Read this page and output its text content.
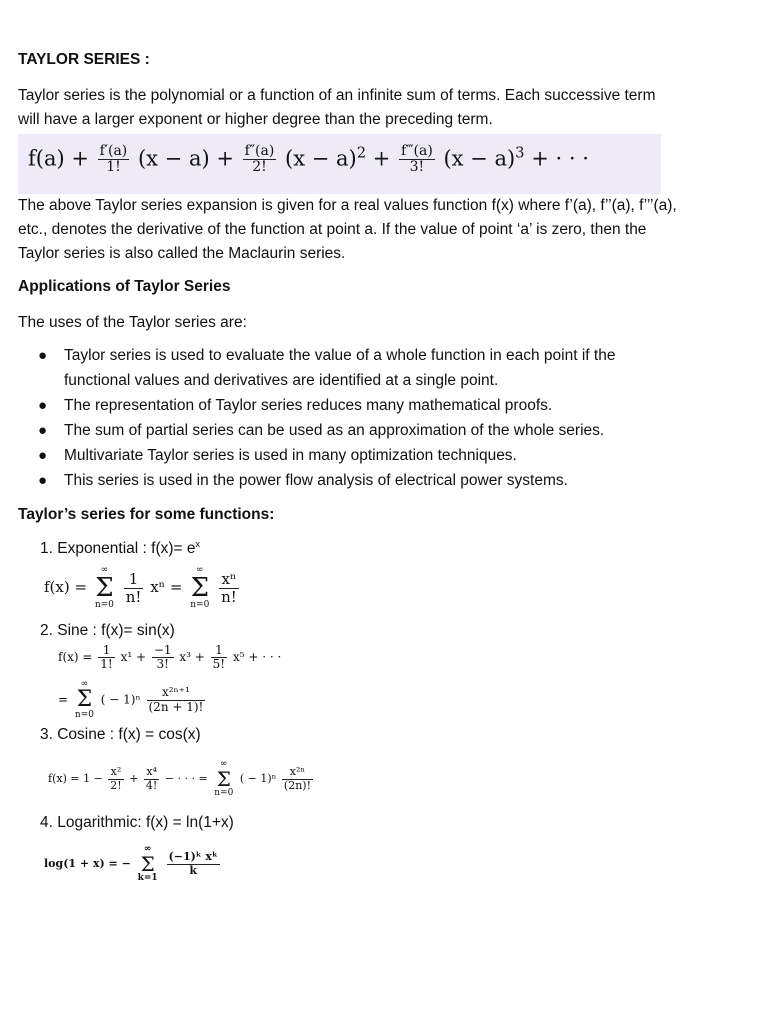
TAYLOR SERIES :
Taylor series is the polynomial or a function of an infinite sum of terms. Each successive term
will have a larger exponent or higher degree than the preceding term.
$f(a) + \frac{f'(a)}{1!} (x - a) + \frac{f''(a)}{2!} (x - a)^2 + \frac{f‴(a)}{3!} (x - a)^3$ + · · ·
The above Taylor series expansion is given for a real values function f(x) where f’(a), f’’(a), f’’’(a),
etc., denotes the derivative of the function at point a. If the value of point ‘a’ is zero, then the
Taylor series is also called the Maclaurin series.
Applications of Taylor Series
The uses of the Taylor series are:
●	Taylor series is used to evaluate the value of a whole function in each point if the
functional values and derivatives are identified at a single point.
●	The representation of Taylor series reduces many mathematical proofs.
●	The sum of partial series can be used as an approximation of the whole series.
●	Multivariate Taylor series is used in many optimization techniques.
●	This series is used in the power flow analysis of electrical power systems.
Taylor’s series for some functions:
1. Exponential : $f(x)= e^x$
f(x) =
∞
Σ
n=0
$\frac{1}{n!}$ xⁿ =
∞
Σ
n=0
$\frac{\text{xⁿ}}{n!}$
2. Sine : f(x)= sin(x)
$f(x) = \frac{1}{1!} x^1 + \frac{-1}{3!} x^3 + \frac{1}{5!} x^5$ + · · ·
=
∞
Σ
n=0
( − $1)^n \frac{\text{x²ⁿ⁺¹}}{(2n + 1)!}$
3. Cosine : f(x) = cos(x)
$f(x) = 1 - \frac{\text{x²}}{2!} + \frac{\text{x⁴}}{4!}$ − · · · =
∞
Σ
n=0
( − $1)^n \frac{\text{x²ⁿ}}{(2n)!}$
4. Logarithmic: f(x) = ln(1+x)
log(1 + x) = −
∞
Σ
k=1

$\frac{\text{(−1)ᵏ xᵏ}}{k}$
